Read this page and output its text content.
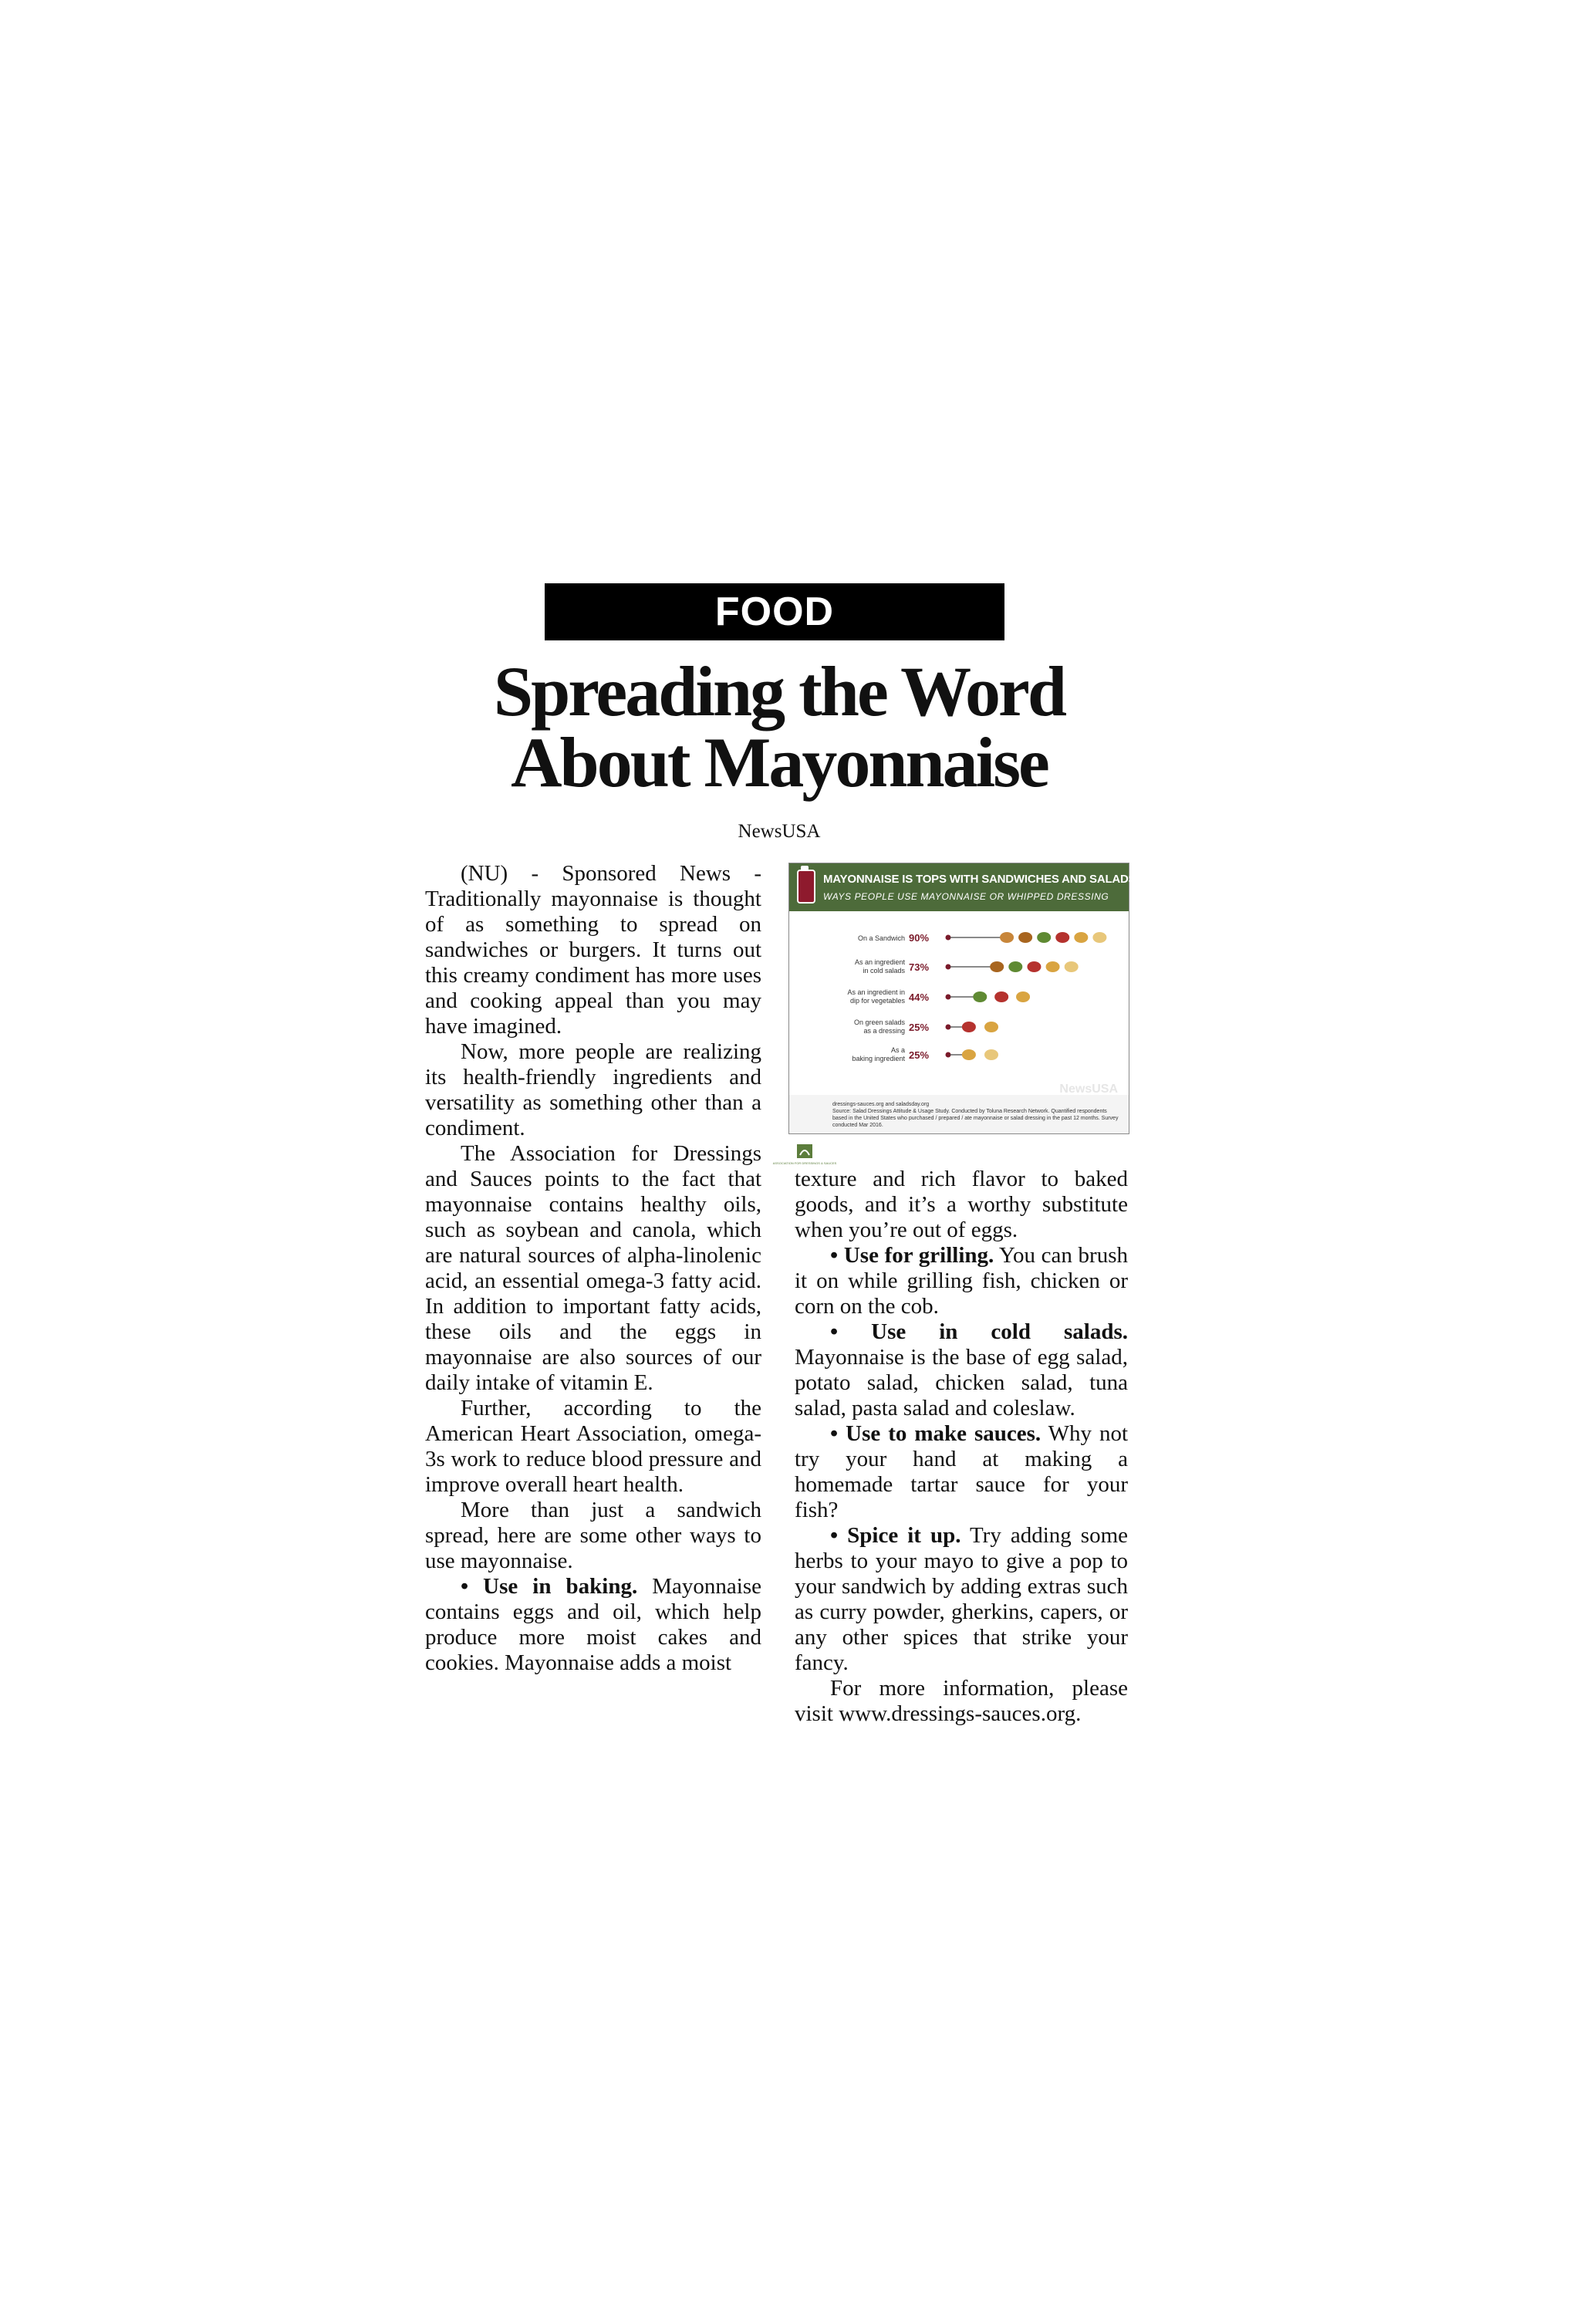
FOOD
Spreading the Word
About Mayonnaise
NewsUSA

(NU) - Sponsored News - Traditionally mayonnaise is thought of as something to spread on sandwiches or burgers. It turns out this creamy condiment has more uses and cooking appeal than you may have imagined.

Now, more people are realizing its health-friendly ingredients and versatility as something other than a condiment.

The Association for Dressings and Sauces points to the fact that mayonnaise contains healthy oils, such as soybean and canola, which are natural sources of alpha-linolenic acid, an essential omega-3 fatty acid. In addition to important fatty acids, these oils and the eggs in mayonnaise are also sources of our daily intake of vitamin E.

Further, according to the American Heart Association, omega-3s work to reduce blood pressure and improve overall heart health.

More than just a sandwich spread, here are some other ways to use mayonnaise.

• Use in baking. Mayonnaise contains eggs and oil, which help produce more moist cakes and cookies. Mayonnaise adds a moist

MAYONNAISE IS TOPS WITH SANDWICHES AND SALADS
WAYS PEOPLE USE MAYONNAISE OR WHIPPED DRESSING
On a Sandwich 90%
As an ingredient
in cold salads 73%
As an ingredient in
dip for vegetables 44%
On green salads
as a dressing 25%
As a
baking ingredient 25%
NewsUSA
ASSOCIATION FOR DRESSINGS & SAUCES
dressings-sauces.org and saladsday.org
Source: Salad Dressings Attitude & Usage Study. Conducted by Toluna Research Network. Quantified respondents based in the United States who purchased / prepared / ate mayonnaise or salad dressing in the past 12 months. Survey conducted Mar 2016.

texture and rich flavor to baked goods, and it’s a worthy substitute when you’re out of eggs.

• Use for grilling. You can brush it on while grilling fish, chicken or corn on the cob.

• Use in cold salads. Mayonnaise is the base of egg salad, potato salad, chicken salad, tuna salad, pasta salad and coleslaw.

• Use to make sauces. Why not try your hand at making a homemade tartar sauce for your fish?

• Spice it up. Try adding some herbs to your mayo to give a pop to your sandwich by adding extras such as curry powder, gherkins, capers, or any other spices that strike your fancy.

For more information, please visit www.dressings-sauces.org.
